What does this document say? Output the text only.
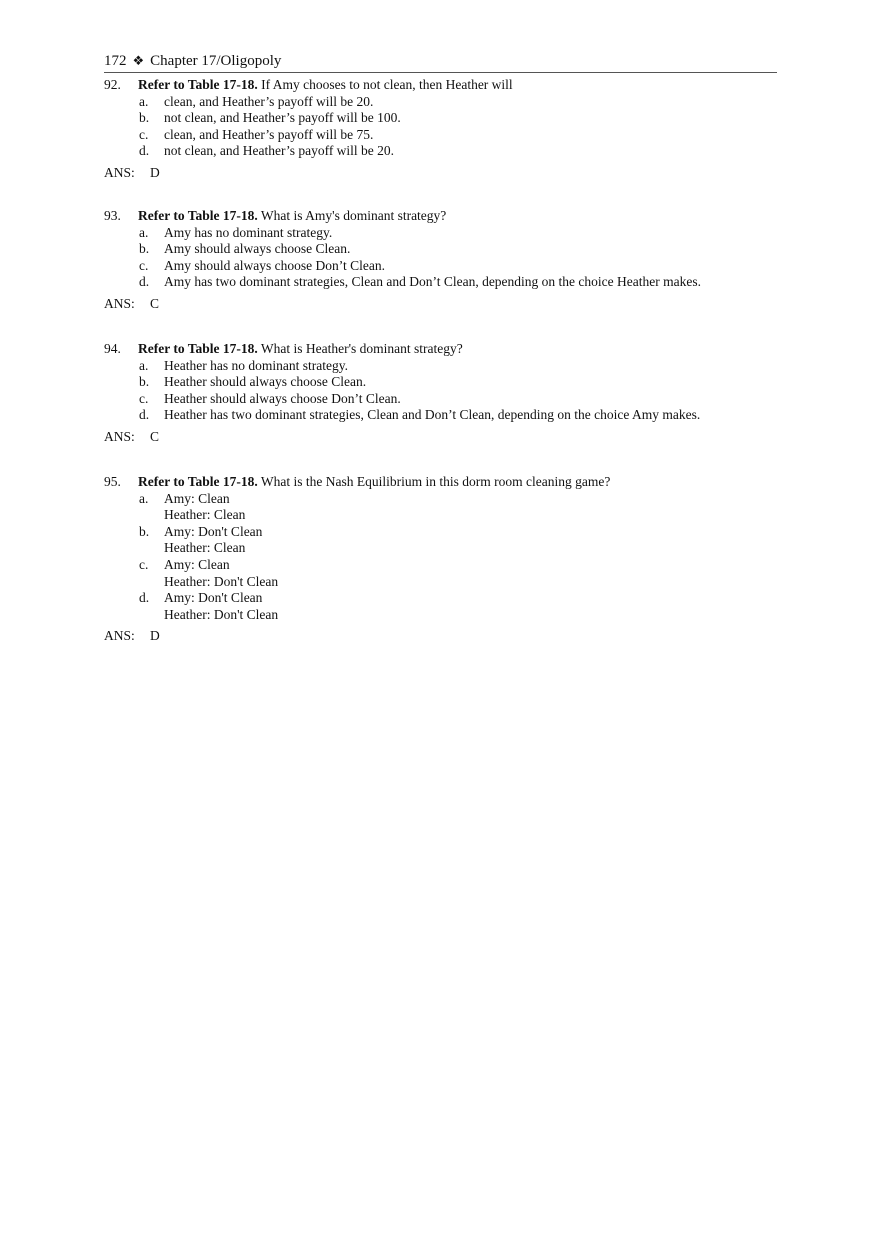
172 ❖ Chapter 17/Oligopoly
92. Refer to Table 17-18. If Amy chooses to not clean, then Heather will
a. clean, and Heather’s payoff will be 20.
b. not clean, and Heather’s payoff will be 100.
c. clean, and Heather’s payoff will be 75.
d. not clean, and Heather’s payoff will be 20.
ANS: D
93. Refer to Table 17-18. What is Amy's dominant strategy?
a. Amy has no dominant strategy.
b. Amy should always choose Clean.
c. Amy should always choose Don’t Clean.
d. Amy has two dominant strategies, Clean and Don’t Clean, depending on the choice Heather makes.
ANS: C
94. Refer to Table 17-18. What is Heather's dominant strategy?
a. Heather has no dominant strategy.
b. Heather should always choose Clean.
c. Heather should always choose Don’t Clean.
d. Heather has two dominant strategies, Clean and Don’t Clean, depending on the choice Amy makes.
ANS: C
95. Refer to Table 17-18. What is the Nash Equilibrium in this dorm room cleaning game?
a. Amy: Clean
Heather: Clean
b. Amy: Don't Clean
Heather: Clean
c. Amy: Clean
Heather: Don't Clean
d. Amy: Don't Clean
Heather: Don't Clean
ANS: D
